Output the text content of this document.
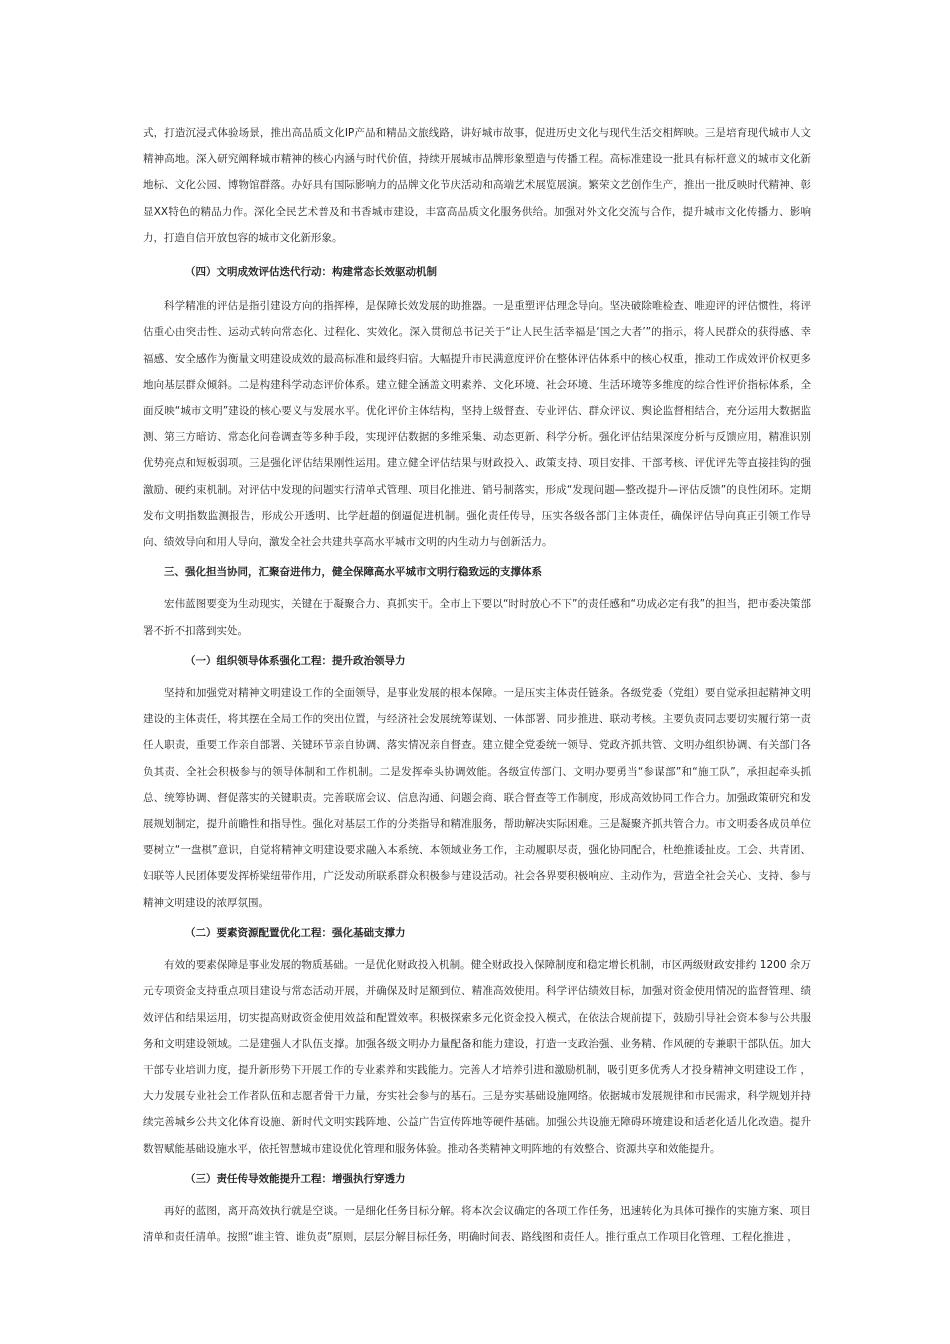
式，打造沉浸式体验场景，推出高品质文化IP产品和精品文旅线路，讲好城市故事，促进历史文化与现代生活交相辉映。三是培育现代城市人文精神高地。深入研究阐释城市精神的核心内涵与时代价值，持续开展城市品牌形象塑造与传播工程。高标准建设一批具有标杆意义的城市文化新地标、文化公园、博物馆群落。办好具有国际影响力的品牌文化节庆活动和高端艺术展览展演。繁荣文艺创作生产，推出一批反映时代精神、彰显XX特色的精品力作。深化全民艺术普及和书香城市建设，丰富高品质文化服务供给。加强对外文化交流与合作，提升城市文化传播力、影响力，打造自信开放包容的城市文化新形象。

（四）文明成效评估迭代行动：构建常态长效驱动机制

科学精准的评估是指引建设方向的指挥棒，是保障长效发展的助推器。一是重塑评估理念导向。坚决破除唯检查、唯迎评的评估惯性，将评估重心由突击性、运动式转向常态化、过程化、实效化。深入贯彻总书记关于“让人民生活幸福是‘国之大者’”的指示，将人民群众的获得感、幸福感、安全感作为衡量文明建设成效的最高标准和最终归宿。大幅提升市民满意度评价在整体评估体系中的核心权重，推动工作成效评价权更多地向基层群众倾斜。二是构建科学动态评价体系。建立健全涵盖文明素养、文化环境、社会环境、生活环境等多维度的综合性评价指标体系，全面反映“城市文明”建设的核心要义与发展水平。优化评价主体结构，坚持上级督查、专业评估、群众评议、舆论监督相结合，充分运用大数据监测、第三方暗访、常态化问卷调查等多种手段，实现评估数据的多维采集、动态更新、科学分析。强化评估结果深度分析与反馈应用，精准识别优势亮点和短板弱项。三是强化评估结果刚性运用。建立健全评估结果与财政投入、政策支持、项目安排、干部考核、评优评先等直接挂钩的强激励、硬约束机制。对评估中发现的问题实行清单式管理、项目化推进、销号制落实，形成“发现问题—整改提升—评估反馈”的良性闭环。定期发布文明指数监测报告，形成公开透明、比学赶超的倒逼促进机制。强化责任传导，压实各级各部门主体责任，确保评估导向真正引领工作导向、绩效导向和用人导向，激发全社会共建共享高水平城市文明的内生动力与创新活力。

三、强化担当协同，汇聚奋进伟力，健全保障高水平城市文明行稳致远的支撑体系

宏伟蓝图要变为生动现实，关键在于凝聚合力、真抓实干。全市上下要以“时时放心不下”的责任感和“功成必定有我”的担当，把市委决策部署不折不扣落到实处。

（一）组织领导体系强化工程：提升政治领导力

坚持和加强党对精神文明建设工作的全面领导，是事业发展的根本保障。一是压实主体责任链条。各级党委（党组）要自觉承担起精神文明建设的主体责任，将其摆在全局工作的突出位置，与经济社会发展统筹谋划、一体部署、同步推进、联动考核。主要负责同志要切实履行第一责任人职责，重要工作亲自部署、关键环节亲自协调、落实情况亲自督查。建立健全党委统一领导、党政齐抓共管、文明办组织协调、有关部门各负其责、全社会积极参与的领导体制和工作机制。二是发挥牵头协调效能。各级宣传部门、文明办要勇当“参谋部”和“施工队”，承担起牵头抓总、统筹协调、督促落实的关键职责。完善联席会议、信息沟通、问题会商、联合督查等工作制度，形成高效协同工作合力。加强政策研究和发展规划制定，提升前瞻性和指导性。强化对基层工作的分类指导和精准服务，帮助解决实际困难。三是凝聚齐抓共管合力。市文明委各成员单位要树立“一盘棋”意识，自觉将精神文明建设要求融入本系统、本领域业务工作，主动履职尽责，强化协同配合，杜绝推诿扯皮。工会、共青团、妇联等人民团体要发挥桥梁纽带作用，广泛发动所联系群众积极参与建设活动。社会各界要积极响应、主动作为，营造全社会关心、支持、参与精神文明建设的浓厚氛围。

（二）要素资源配置优化工程：强化基础支撑力

有效的要素保障是事业发展的物质基础。一是优化财政投入机制。健全财政投入保障制度和稳定增长机制，市区两级财政安排约 1200 余万元专项资金支持重点项目建设与常态活动开展，并确保及时足额到位、精准高效使用。科学评估绩效目标，加强对资金使用情况的监督管理、绩效评估和结果运用，切实提高财政资金使用效益和配置效率。积极探索多元化资金投入模式，在依法合规前提下，鼓励引导社会资本参与公共服务和文明建设领域。二是建强人才队伍支撑。加强各级文明办力量配备和能力建设，打造一支政治强、业务精、作风硬的专兼职干部队伍。加大干部专业培训力度，提升新形势下开展工作的专业素养和实践能力。完善人才培养引进和激励机制，吸引更多优秀人才投身精神文明建设工作 ，大力发展专业社会工作者队伍和志愿者骨干力量，夯实社会参与的基石。三是夯实基础设施网络。依据城市发展规律和市民需求，科学规划并持续完善城乡公共文化体育设施、新时代文明实践阵地、公益广告宣传阵地等硬件基础。加强公共设施无障碍环境建设和适老化适儿化改造。提升数智赋能基础设施水平，依托智慧城市建设优化管理和服务体验。推动各类精神文明阵地的有效整合、资源共享和效能提升。

（三）责任传导效能提升工程：增强执行穿透力

再好的蓝图，离开高效执行就是空谈。一是细化任务目标分解。将本次会议确定的各项工作任务，迅速转化为具体可操作的实施方案、项目清单和责任清单。按照“谁主管、谁负责”原则，层层分解目标任务，明确时间表、路线图和责任人。推行重点工作项目化管理、工程化推进 ，
